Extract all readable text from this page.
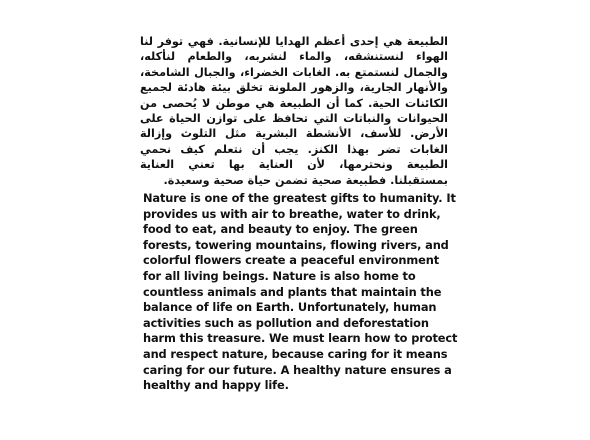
الطبيعة هي إحدى أعظم الهدايا للإنسانية. فهي توفر لنا الهواء لنستنشقه، والماء لنشربه، والطعام لنأكله، والجمال لنستمتع به. الغابات الخضراء، والجبال الشامخة، والأنهار الجارية، والزهور الملونة تخلق بيئة هادئة لجميع الكائنات الحية. كما أن الطبيعة هي موطن لا يُحصى من الحيوانات والنباتات التي تحافظ على توازن الحياة على الأرض. للأسف، الأنشطة البشرية مثل التلوث وإزالة الغابات تضر بهذا الكنز. يجب أن نتعلم كيف نحمي الطبيعة ونحترمها، لأن العناية بها تعني العناية بمستقبلنا. فطبيعة صحية تضمن حياة صحية وسعيدة.

Nature is one of the greatest gifts to humanity. It provides us with air to breathe, water to drink, food to eat, and beauty to enjoy. The green forests, towering mountains, flowing rivers, and colorful flowers create a peaceful environment for all living beings. Nature is also home to countless animals and plants that maintain the balance of life on Earth. Unfortunately, human activities such as pollution and deforestation harm this treasure. We must learn how to protect and respect nature, because caring for it means caring for our future. A healthy nature ensures a healthy and happy life.
